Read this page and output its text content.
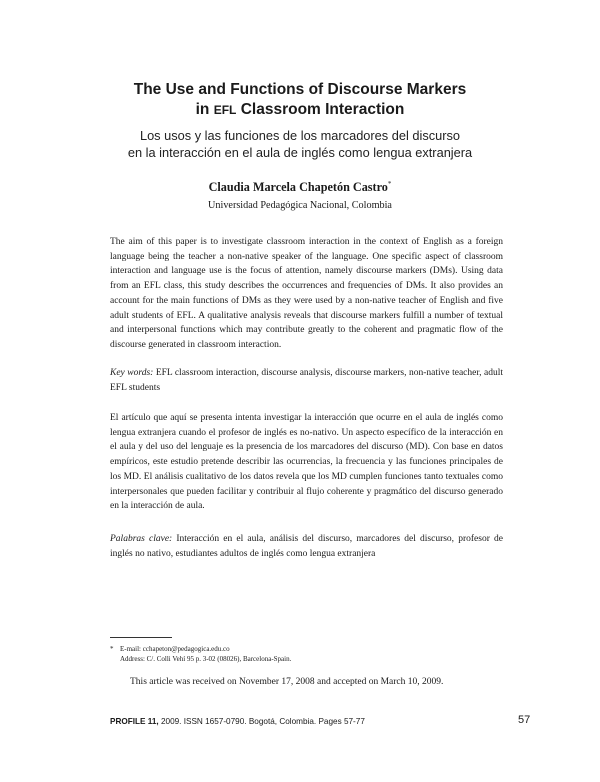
The Use and Functions of Discourse Markers
in EFL Classroom Interaction
Los usos y las funciones de los marcadores del discurso
en la interacción en el aula de inglés como lengua extranjera
Claudia Marcela Chapetón Castro*
Universidad Pedagógica Nacional, Colombia

The aim of this paper is to investigate classroom interaction in the context of English as a foreign language being the teacher a non-native speaker of the language. One specific aspect of classroom interaction and language use is the focus of attention, namely discourse markers (DMs). Using data from an EFL class, this study describes the occurrences and frequencies of DMs. It also provides an account for the main functions of DMs as they were used by a non-native teacher of English and five adult students of EFL. A qualitative analysis reveals that discourse markers fulfill a number of textual and interpersonal functions which may contribute greatly to the coherent and pragmatic flow of the discourse generated in classroom interaction.

Key words: EFL classroom interaction, discourse analysis, discourse markers, non-native teacher, adult EFL students

El artículo que aquí se presenta intenta investigar la interacción que ocurre en el aula de inglés como lengua extranjera cuando el profesor de inglés es no-nativo. Un aspecto específico de la interacción en el aula y del uso del lenguaje es la presencia de los marcadores del discurso (MD). Con base en datos empíricos, este estudio pretende describir las ocurrencias, la frecuencia y las funciones principales de los MD. El análisis cualitativo de los datos revela que los MD cumplen funciones tanto textuales como interpersonales que pueden facilitar y contribuir al flujo coherente y pragmático del discurso generado en la interacción de aula.

Palabras clave: Interacción en el aula, análisis del discurso, marcadores del discurso, profesor de inglés no nativo, estudiantes adultos de inglés como lengua extranjera

* E-mail: cchapeton@pedagogica.edu.co
Address: C/. Colli Vehí 95 p. 3-02 (08026), Barcelona-Spain.
This article was received on November 17, 2008 and accepted on March 10, 2009.
PROFILE 11, 2009. ISSN 1657-0790. Bogotá, Colombia. Pages 57-77	57
